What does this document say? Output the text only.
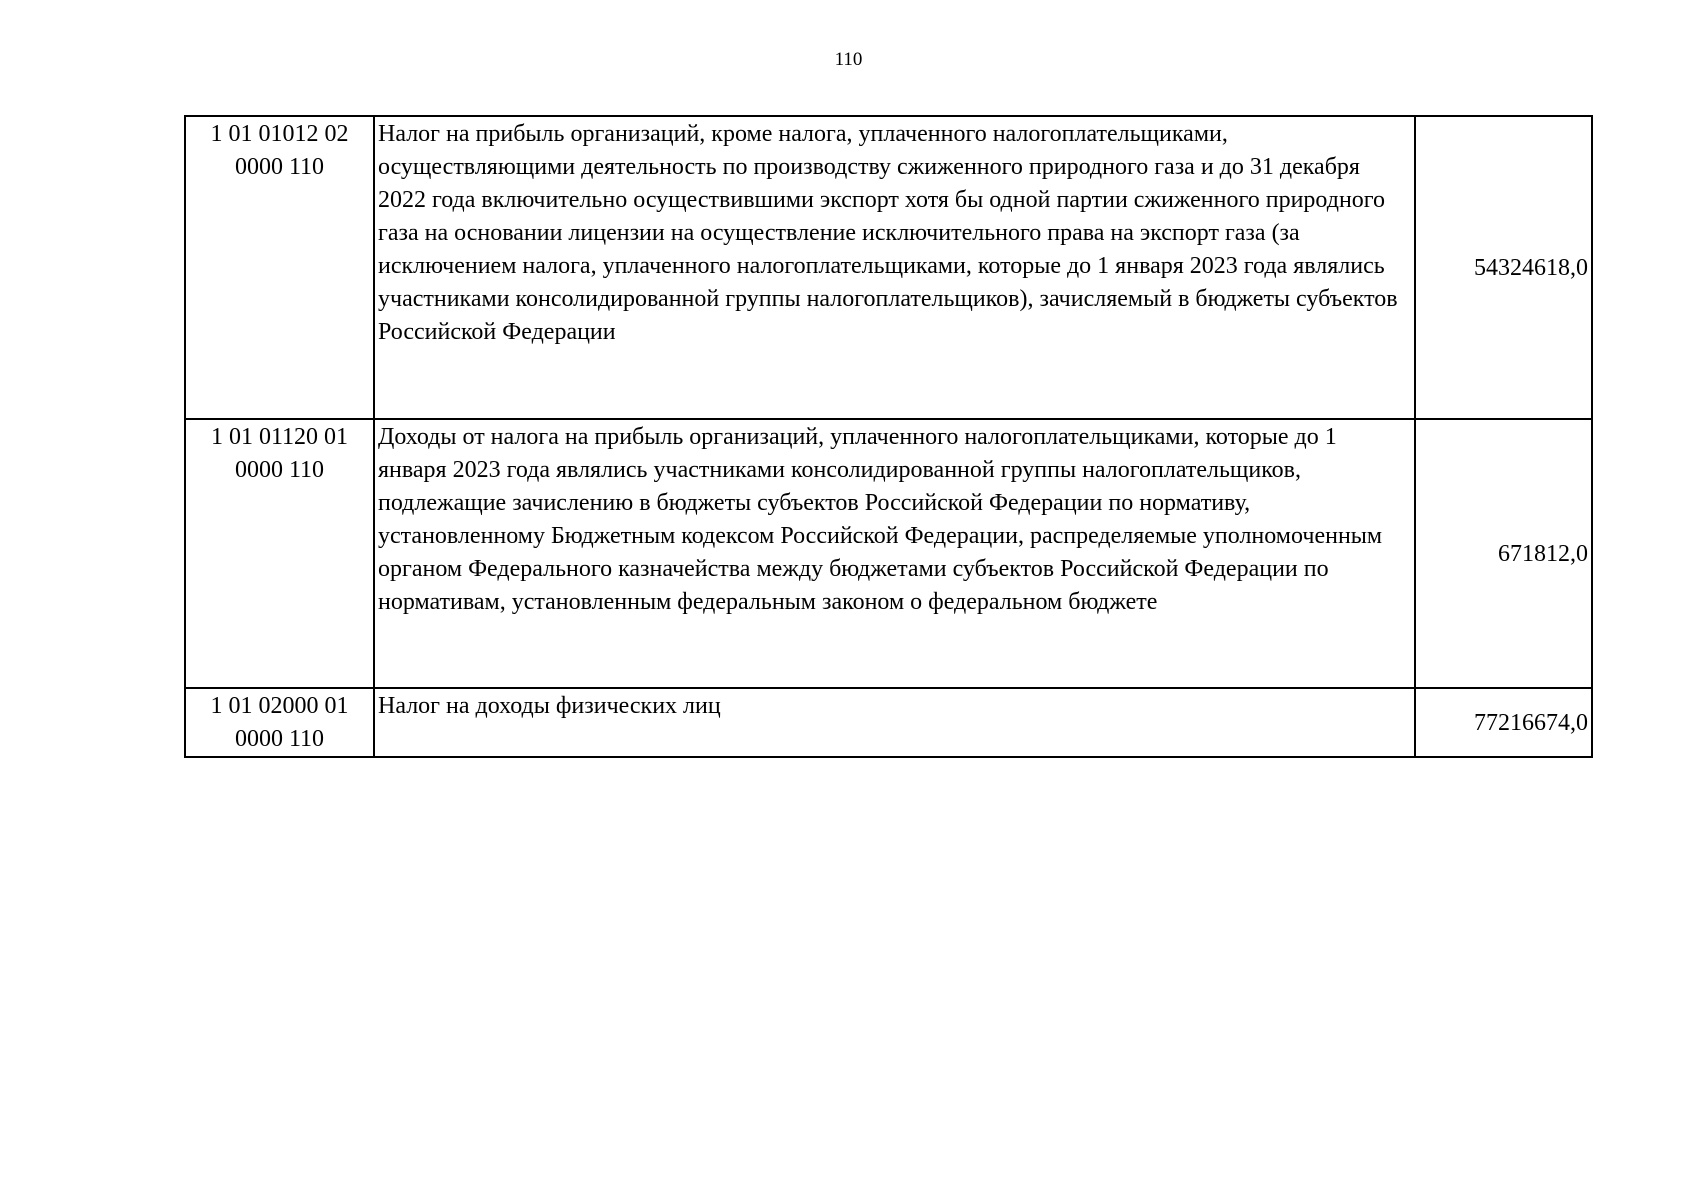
110
1 01 01012 02
0000 110	Налог на прибыль организаций, кроме налога, уплаченного налогоплательщиками, осуществляющими деятельность по производству сжиженного природного газа и до 31 декабря 2022 года включительно осуществившими экспорт хотя бы одной партии сжиженного природного газа на основании лицензии на осуществление исключительного права на экспорт газа (за исключением налога, уплаченного налогоплательщиками, которые до 1 января 2023 года являлись участниками консолидированной группы налогоплательщиков), зачисляемый в бюджеты субъектов Российской Федерации	54324618,0

1 01 01120 01
0000 110	Доходы от налога на прибыль организаций, уплаченного налогоплательщиками, которые до 1 января 2023 года являлись участниками консолидированной группы налогоплательщиков, подлежащие зачислению в бюджеты субъектов Российской Федерации по нормативу, установленному Бюджетным кодексом Российской Федерации, распределяемые уполномоченным органом Федерального казначейства между бюджетами субъектов Российской Федерации по нормативам, установленным федеральным законом о федеральном бюджете	671812,0

1 01 02000 01
0000 110	Налог на доходы физических лиц	77216674,0
